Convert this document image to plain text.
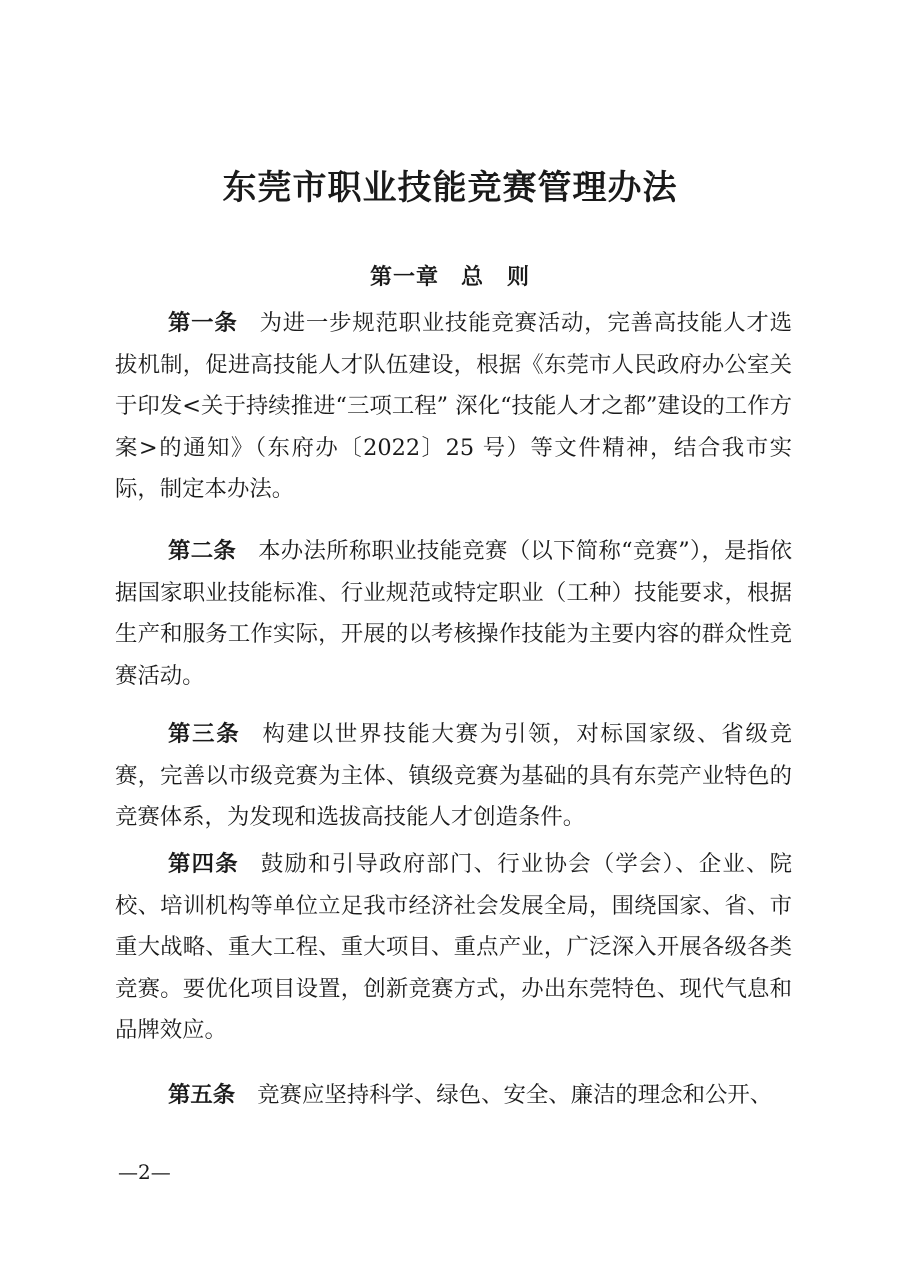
东莞市职业技能竞赛管理办法
第一章 总　则

第一条 为进一步规范职业技能竞赛活动，完善高技能人才选拔机制，促进高技能人才队伍建设，根据《东莞市人民政府办公室关于印发<关于持续推进“三项工程” 深化“技能人才之都”建设的工作方案>的通知》（东府办〔2022〕25 号）等文件精神，结合我市实际，制定本办法。

第二条 本办法所称职业技能竞赛（以下简称“竞赛”），是指依据国家职业技能标准、行业规范或特定职业（工种）技能要求，根据生产和服务工作实际，开展的以考核操作技能为主要内容的群众性竞赛活动。

第三条 构建以世界技能大赛为引领，对标国家级、省级竞赛，完善以市级竞赛为主体、镇级竞赛为基础的具有东莞产业特色的竞赛体系，为发现和选拔高技能人才创造条件。

第四条 鼓励和引导政府部门、行业协会（学会）、企业、院校、培训机构等单位立足我市经济社会发展全局，围绕国家、省、市重大战略、重大工程、重大项目、重点产业，广泛深入开展各级各类竞赛。要优化项目设置，创新竞赛方式，办出东莞特色、现代气息和品牌效应。

第五条 竞赛应坚持科学、绿色、安全、廉洁的理念和公开、

—2—
